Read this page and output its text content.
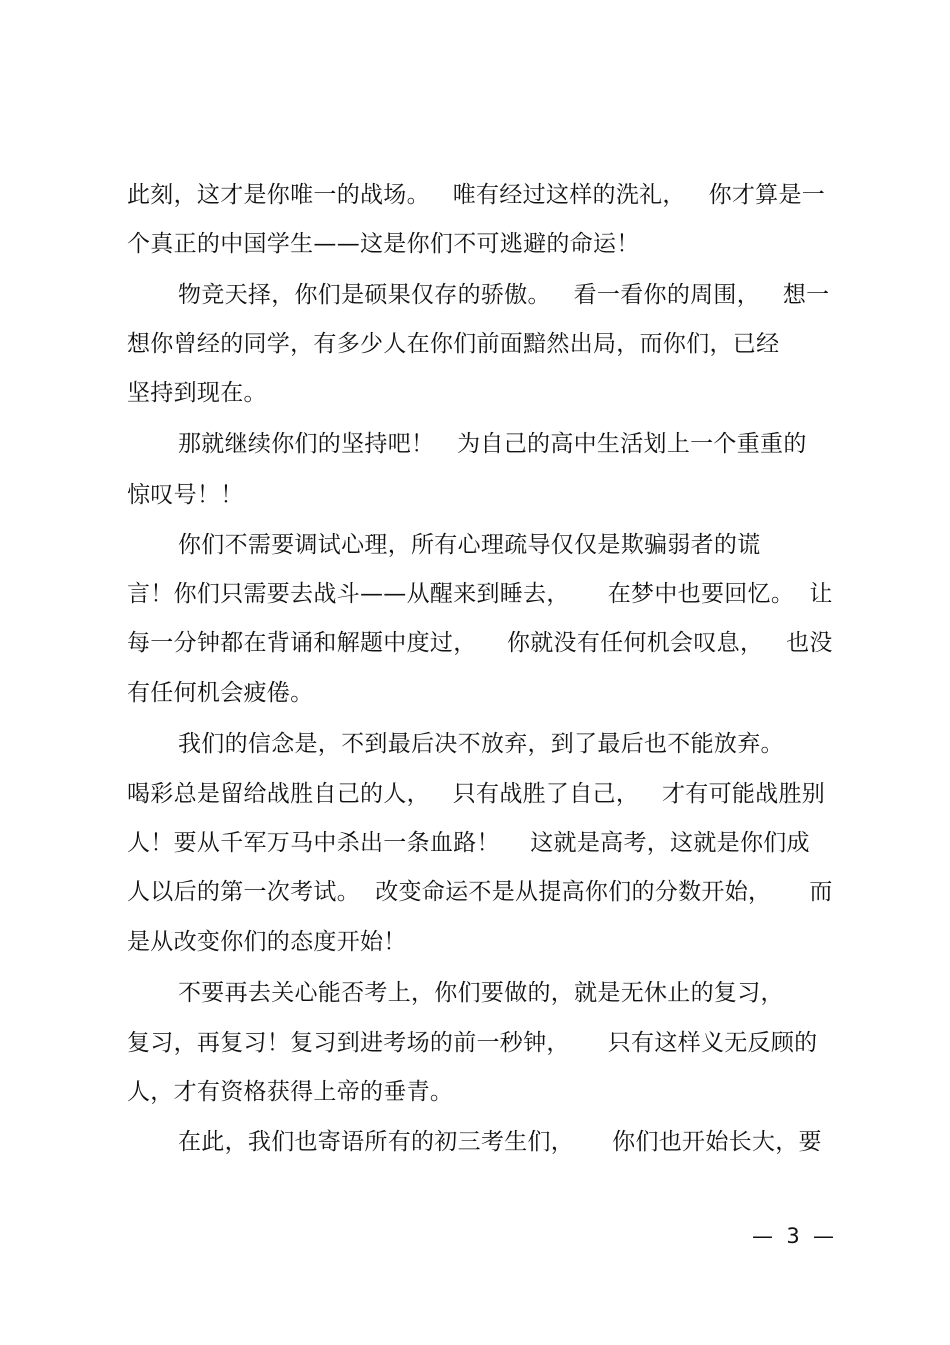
此刻，这才是你唯一的战场。   唯有经过这样的洗礼，   你才算是一
个真正的中国学生——这是你们不可逃避的命运！
物竞天择，你们是硕果仅存的骄傲。   看一看你的周围，   想一
想你曾经的同学，有多少人在你们前面黯然出局，而你们，已经
坚持到现在。
那就继续你们的坚持吧！   为自己的高中生活划上一个重重的
惊叹号！！
你们不需要调试心理，所有心理疏导仅仅是欺骗弱者的谎
言！你们只需要去战斗——从醒来到睡去，     在梦中也要回忆。  让
每一分钟都在背诵和解题中度过，    你就没有任何机会叹息，   也没
有任何机会疲倦。
我们的信念是，不到最后决不放弃，到了最后也不能放弃。
喝彩总是留给战胜自己的人，   只有战胜了自己，   才有可能战胜别
人！要从千军万马中杀出一条血路！    这就是高考，这就是你们成
人以后的第一次考试。  改变命运不是从提高你们的分数开始，     而
是从改变你们的态度开始！
不要再去关心能否考上，你们要做的，就是无休止的复习，
复习，再复习！复习到进考场的前一秒钟，     只有这样义无反顾的
人，才有资格获得上帝的垂青。
在此，我们也寄语所有的初三考生们，     你们也开始长大，要
—  3  —
